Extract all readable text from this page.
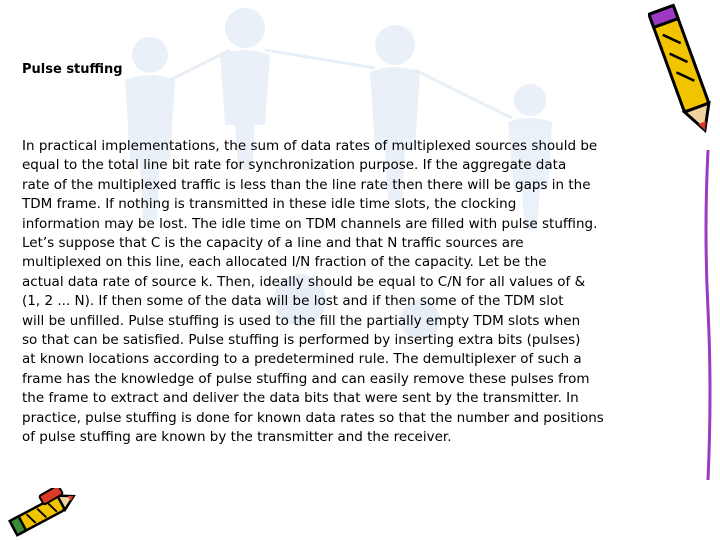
Pulse stuffing
In practical implementations, the sum of data rates of multiplexed sources should be
equal to the total line bit rate for synchronization purpose. If the aggregate data
rate of the multiplexed traffic is less than the line rate then there will be gaps in the
TDM frame. If nothing is transmitted in these idle time slots, the clocking
information may be lost. The idle time on TDM channels are filled with pulse stuffing.
Let’s suppose that C is the capacity of a line and that N traffic sources are
multiplexed on this line, each allocated I/N fraction of the capacity. Let be the
actual data rate of source k. Then, ideally should be equal to C/N for all values of &
(1, 2 ... N). If then some of the data will be lost and if then some of the TDM slot
will be unfilled. Pulse stuffing is used to the fill the partially empty TDM slots when
so that can be satisfied. Pulse stuffing is performed by inserting extra bits (pulses)
at known locations according to a predetermined rule. The demultiplexer of such a
frame has the knowledge of pulse stuffing and can easily remove these pulses from
the frame to extract and deliver the data bits that were sent by the transmitter. In
practice, pulse stuffing is done for known data rates so that the number and positions
of pulse stuffing are known by the transmitter and the receiver.
